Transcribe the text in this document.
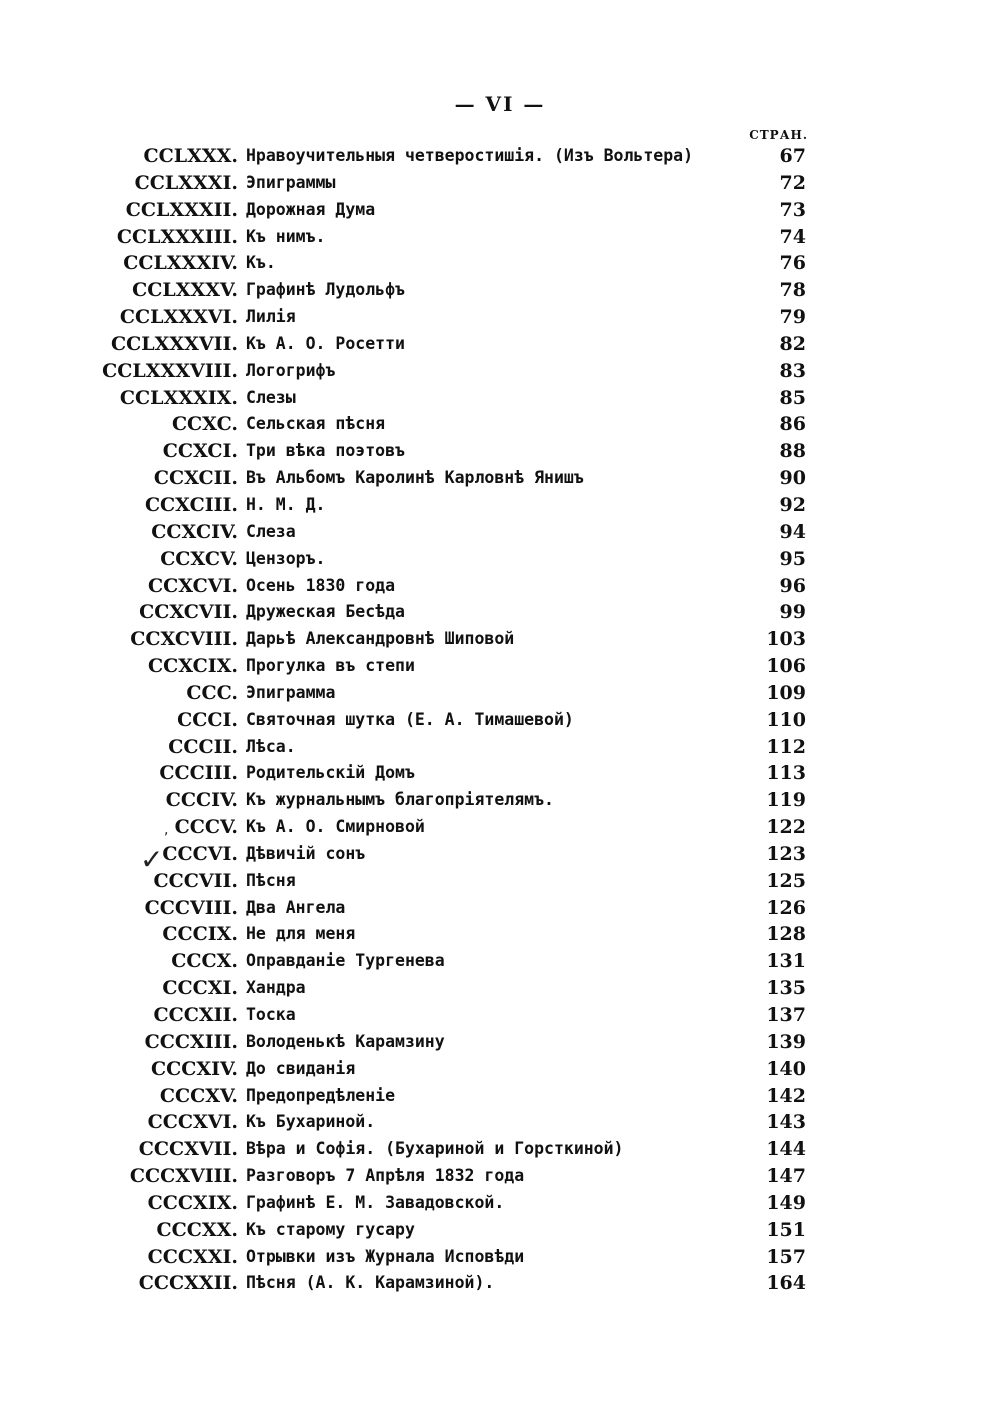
— VI —
СТРАН.
CCLXXX. Нравоучительныя четверостишія. (Изъ Вольтера)	67
CCLXXXI. Эпиграммы	72
CCLXXXII. Дорожная Дума	73
CCLXXXIII. Къ нимъ.	74
CCLXXXIV. Къ.	76
CCLXXXV. Графинѣ Лудольфъ	78
CCLXXXVI. Лилія	79
CCLXXXVII. Къ А. О. Росетти	82
CCLXXXVIII. Логогрифъ	83
CCLXXXIX. Слезы	85
CCXC. Сельская пѣсня	86
CCXCI. Три вѣка поэтовъ	88
CCXCII. Въ Альбомъ Каролинѣ Карловнѣ Янишъ	90
CCXCIII. Н. М. Д.	92
CCXCIV. Слеза	94
CCXCV. Цензоръ.	95
CCXCVI. Осень 1830 года	96
CCXCVII. Дружеская Бесѣда	99
CCXCVIII. Дарьѣ Александровнѣ Шиповой	103
CCXCIX. Прогулка въ степи	106
CCC. Эпиграмма	109
CCCI. Святочная шутка (Е. А. Тимашевой)	110
CCCII. Лѣса.	112
CCCIII. Родительскій Домъ	113
CCCIV. Къ журнальнымъ благопріятелямъ.	119
CCCV. Къ А. О. Смирновой	122
CCCVI. Дѣвичій сонъ	123
CCCVII. Пѣсня	125
CCCVIII. Два Ангела	126
CCCIX. Не для меня	128
CCCX. Оправданіе Тургенева	131
CCCXI. Хандра	135
CCCXII. Тоска	137
CCCXIII. Володенькѣ Карамзину	139
CCCXIV. До свиданія	140
CCCXV. Предопредѣленіе	142
CCCXVI. Къ Бухариной.	143
CCCXVII. Вѣра и Софія. (Бухариной и Горсткиной)	144
CCCXVIII. Разговоръ 7 Апрѣля 1832 года	147
CCCXIX. Графинѣ Е. М. Завадовской.	149
CCCXX. Къ старому гусару	151
CCCXXI. Отрывки изъ Журнала Исповѣди	157
CCCXXII. Пѣсня (А. К. Карамзиной).	164
,
✓
